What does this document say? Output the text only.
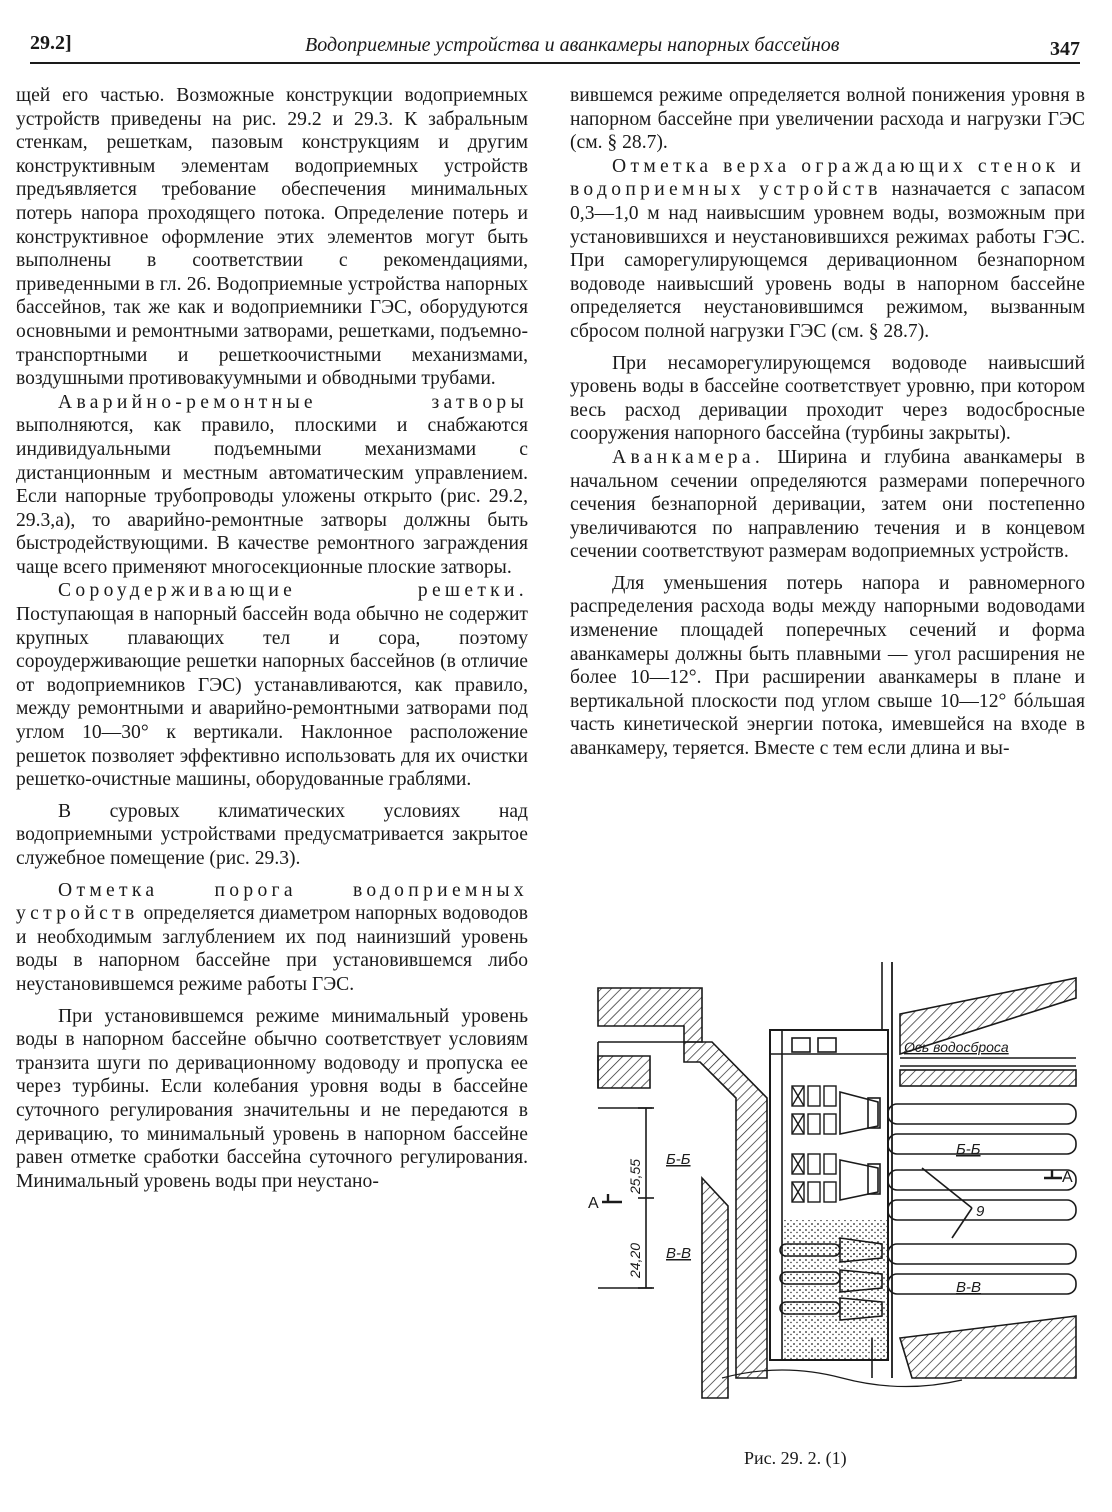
29.2]	Водоприемные устройства и аванкамеры напорных бассейнов	347

щей его частью. Возможные конструкции водоприемных устройств приведены на рис. 29.2 и 29.3. К забральным стенкам, решеткам, пазовым конструкциям и другим конструктивным элементам водоприемных устройств предъявляется требование обеспечения минимальных потерь напора проходящего потока. Определение потерь и конструктивное оформление этих элементов могут быть выполнены в соответствии с рекомендациями, приведенными в гл. 26. Водоприемные устройства напорных бассейнов, так же как и водоприемники ГЭС, оборудуются основными и ремонтными затворами, решетками, подъемно-транспортными и решеткоочистными механизмами, воздушными противовакуумными и обводными трубами.

Аварийно-ремонтные затворы выполняются, как правило, плоскими и снабжаются индивидуальными подъемными механизмами с дистанционным и местным автоматическим управлением. Если напорные трубопроводы уложены открыто (рис. 29.2, 29.3,а), то аварийно-ремонтные затворы должны быть быстродействующими. В качестве ремонтного заграждения чаще всего применяют многосекционные плоские затворы.

Сороудерживающие решетки. Поступающая в напорный бассейн вода обычно не содержит крупных плавающих тел и сора, поэтому сороудерживающие решетки напорных бассейнов (в отличие от водоприемников ГЭС) устанавливаются, как правило, между ремонтными и аварийно-ремонтными затворами под углом 10—30° к вертикали. Наклонное расположение решеток позволяет эффективно использовать для их очистки решетко-очистные машины, оборудованные граблями.

В суровых климатических условиях над водоприемными устройствами предусматривается закрытое служебное помещение (рис. 29.3).

Отметка порога водоприемных устройств определяется диаметром напорных водоводов и необходимым заглублением их под наинизший уровень воды в напорном бассейне при установившемся либо неустановившемся режиме работы ГЭС.

При установившемся режиме минимальный уровень воды в напорном бассейне обычно соответствует условиям транзита шуги по деривационному водоводу и пропуска ее через турбины. Если колебания уровня воды в бассейне суточного регулирования значительны и не передаются в деривацию, то минимальный уровень в напорном бассейне равен отметке сработки бассейна суточного регулирования. Минимальный уровень воды при неустано-

вившемся режиме определяется волной понижения уровня в напорном бассейне при увеличении расхода и нагрузки ГЭС (см. § 28.7).

Отметка верха ограждающих стенок и водоприемных устройств назначается с запасом 0,3—1,0 м над наивысшим уровнем воды, возможным при установившихся и неустановившихся режимах работы ГЭС. При саморегулирующемся деривационном безнапорном водоводе наивысший уровень воды в напорном бассейне определяется неустановившимся режимом, вызванным сбросом полной нагрузки ГЭС (см. § 28.7).

При несаморегулирующемся водоводе наивысший уровень воды в бассейне соответствует уровню, при котором весь расход деривации проходит через водосбросные сооружения напорного бассейна (турбины закрыты).

Аванкамера. Ширина и глубина аванкамеры в начальном сечении определяются размерами поперечного сечения безнапорной деривации, затем они постепенно увеличиваются по направлению течения и в концевом сечении соответствуют размерам водоприемных устройств.

Для уменьшения потерь напора и равномерного распределения расхода воды между напорными водоводами изменение площадей поперечных сечений и форма аванкамеры должны быть плавными — угол расширения не более 10—12°. При расширении аванкамеры в плане и вертикальной плоскости под углом свыше 10—12° бóльшая часть кинетической энергии потока, имевшейся на входе в аванкамеру, теряется. Вместе с тем если длина и вы-

Ось водосброса
Б-Б
Б-Б
В-В
В-В
25,55
24,20
А
А
9
Рис. 29. 2. (1)
